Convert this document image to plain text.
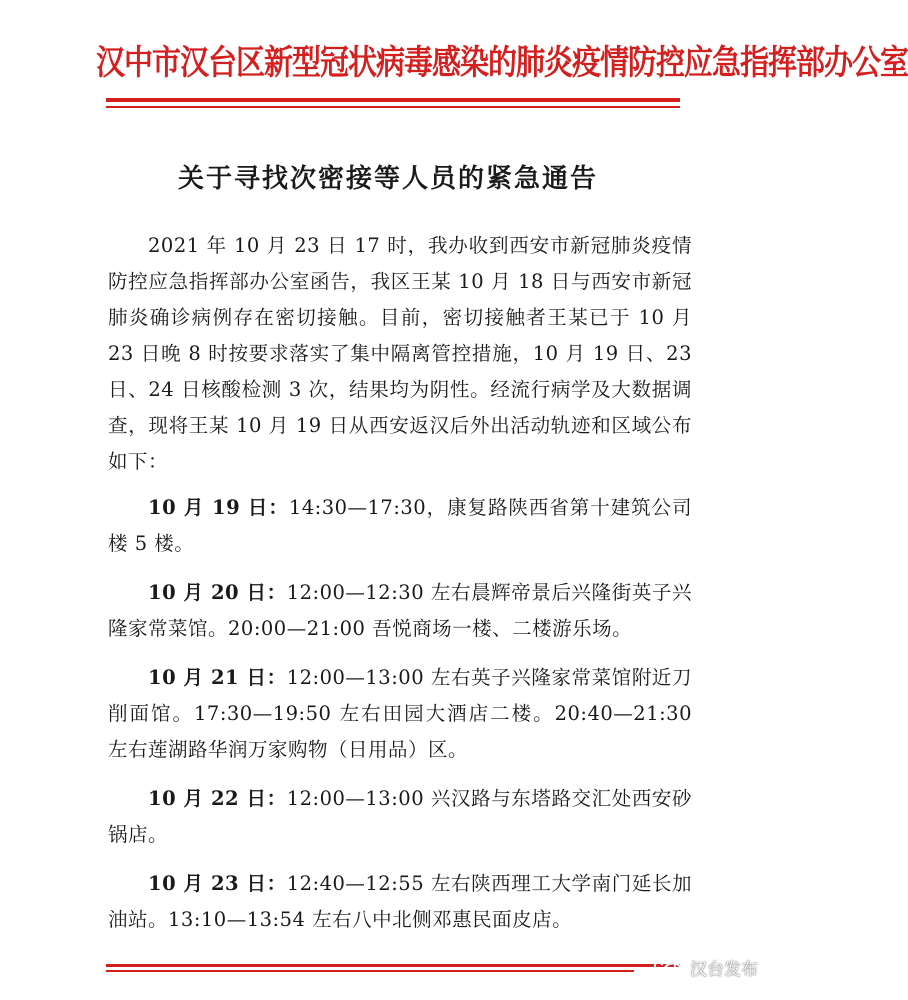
汉中市汉台区新型冠状病毒感染的肺炎疫情防控应急指挥部办公室
关于寻找次密接等人员的紧急通告

2021 年 10 月 23 日 17 时，我办收到西安市新冠肺炎疫情防控应急指挥部办公室函告，我区王某 10 月 18 日与西安市新冠肺炎确诊病例存在密切接触。目前，密切接触者王某已于 10 月 23 日晚 8 时按要求落实了集中隔离管控措施，10 月 19 日、23 日、24 日核酸检测 3 次，结果均为阴性。经流行病学及大数据调查，现将王某 10 月 19 日从西安返汉后外出活动轨迹和区域公布如下：

10 月 19 日：14:30—17:30，康复路陕西省第十建筑公司楼 5 楼。

10 月 20 日：12:00—12:30 左右晨辉帝景后兴隆街英子兴隆家常菜馆。20:00—21:00 吾悦商场一楼、二楼游乐场。

10 月 21 日：12:00—13:00 左右英子兴隆家常菜馆附近刀削面馆。17:30—19:50 左右田园大酒店二楼。20:40—21:30 左右莲湖路华润万家购物（日用品）区。

10 月 22 日：12:00—13:00 兴汉路与东塔路交汇处西安砂锅店。

10 月 23 日：12:40—12:55 左右陕西理工大学南门延长加油站。13:10—13:54 左右八中北侧邓惠民面皮店。

汉台发布
